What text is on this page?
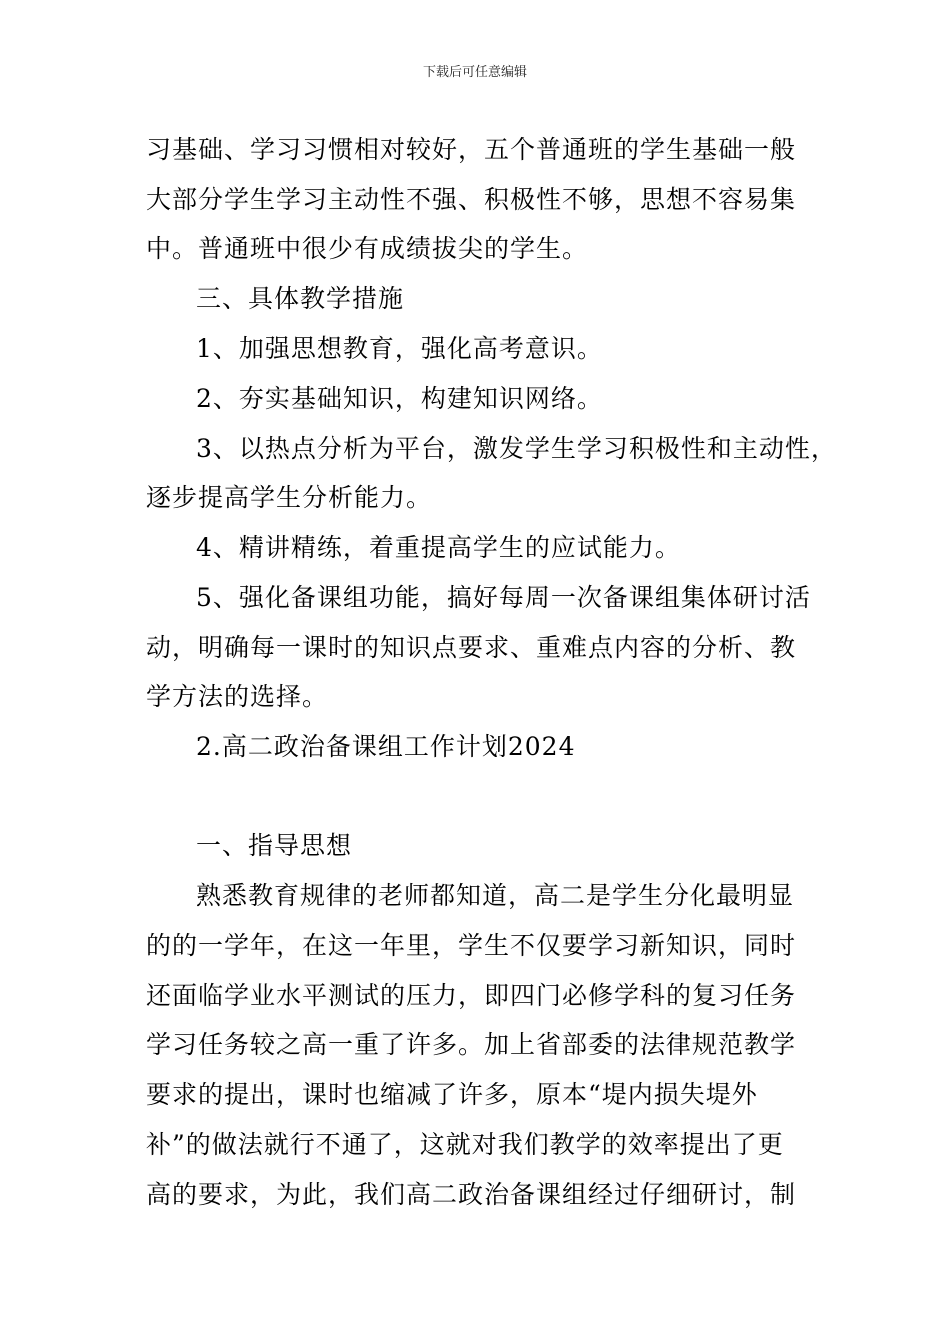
下载后可任意编辑
习基础、学习习惯相对较好，五个普通班的学生基础一般
大部分学生学习主动性不强、积极性不够，思想不容易集
中。普通班中很少有成绩拔尖的学生。
三、具体教学措施
1、加强思想教育，强化高考意识。
2、夯实基础知识，构建知识网络。
3、以热点分析为平台，激发学生学习积极性和主动性，
逐步提高学生分析能力。
4、精讲精练，着重提高学生的应试能力。
5、强化备课组功能，搞好每周一次备课组集体研讨活
动，明确每一课时的知识点要求、重难点内容的分析、教
学方法的选择。
2.高二政治备课组工作计划2024
一、指导思想
熟悉教育规律的老师都知道，高二是学生分化最明显
的的一学年，在这一年里，学生不仅要学习新知识，同时
还面临学业水平测试的压力，即四门必修学科的复习任务
学习任务较之高一重了许多。加上省部委的法律规范教学
要求的提出，课时也缩减了许多，原本“堤内损失堤外
补”的做法就行不通了，这就对我们教学的效率提出了更
高的要求，为此，我们高二政治备课组经过仔细研讨，制
